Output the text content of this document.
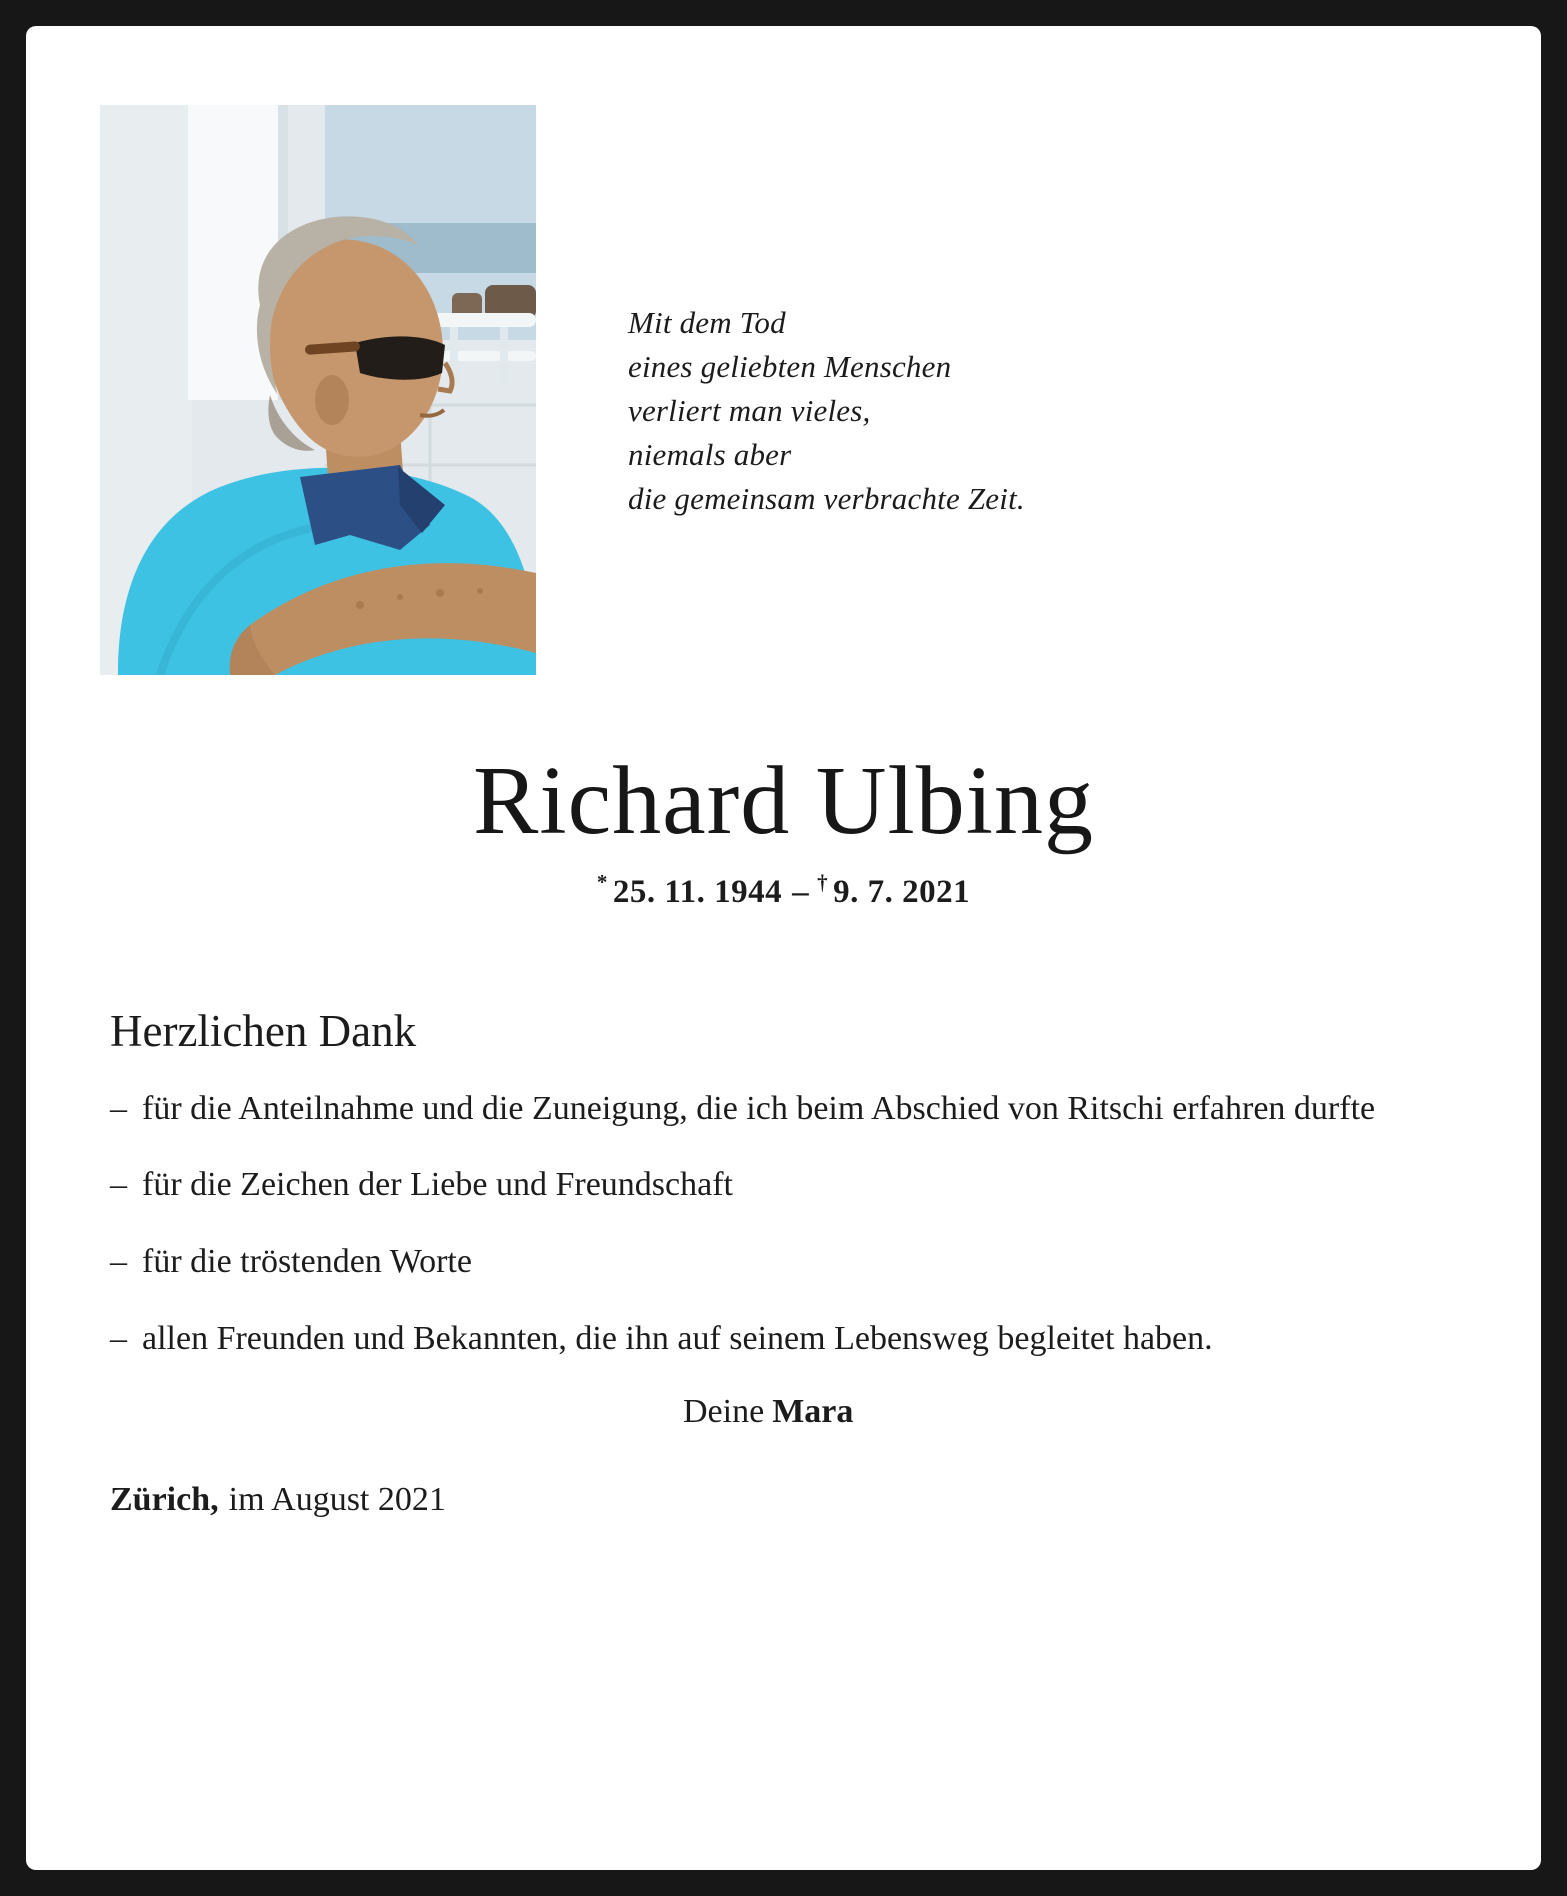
Mit dem Tod
eines geliebten Menschen
verliert man vieles,
niemals aber
die gemeinsam verbrachte Zeit.
Richard Ulbing
* 25. 11. 1944 – † 9. 7. 2021
Herzlichen Dank
– für die Anteilnahme und die Zuneigung, die ich beim Abschied von Ritschi erfahren durfte
– für die Zeichen der Liebe und Freundschaft
– für die tröstenden Worte
– allen Freunden und Bekannten, die ihn auf seinem Lebensweg begleitet haben.
Deine Mara
Zürich, im August 2021
